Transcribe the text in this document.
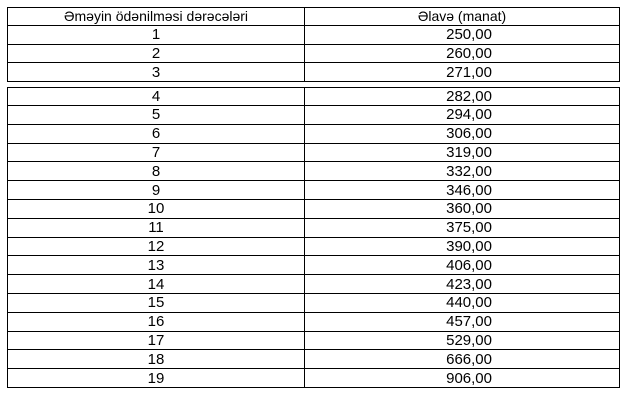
Əməyin ödənilməsi dərəcələri	Əlavə (manat)
1	250,00
2	260,00
3	271,00
4	282,00
5	294,00
6	306,00
7	319,00
8	332,00
9	346,00
10	360,00
11	375,00
12	390,00
13	406,00
14	423,00
15	440,00
16	457,00
17	529,00
18	666,00
19	906,00
